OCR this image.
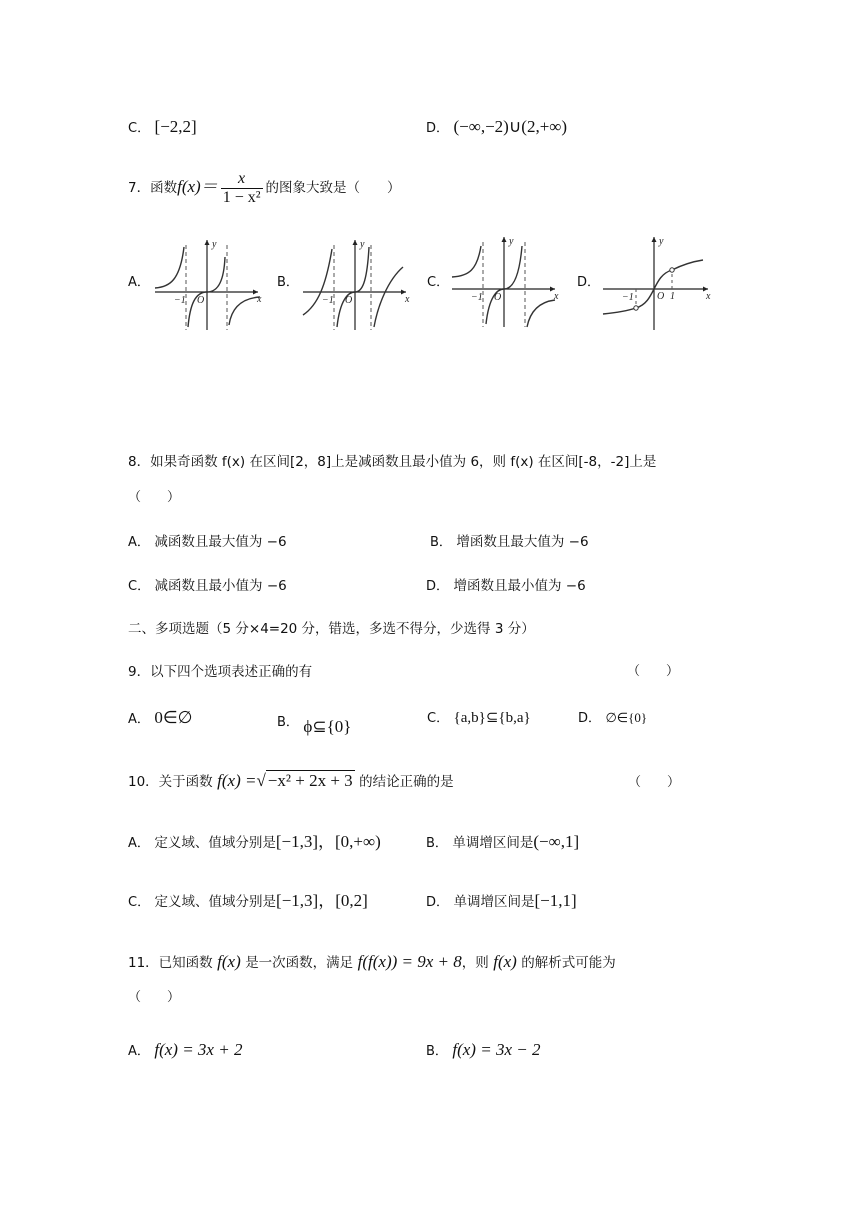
C． [−2,2]	D． (−∞,−2)∪(2,+∞)
7．函数$f(x)= \frac{x}{\text{1 − x²}}$ 的图象大致是（　　）
A．	B．	C．	D．
y
x
−1 O
y
x
−1 O
y
x
−1 O
y
x
−1 O 1
8．如果奇函数 f(x) 在区间[2，8]上是减函数且最小值为 6，则 f(x) 在区间[-8，-2]上是
（　　）
A． 减函数且最大值为 −6	B． 增函数且最大值为 −6
C． 减函数且最小值为 −6	D． 增函数且最小值为 −6
二、多项选题（5 分×4=20 分，错选，多选不得分，少选得 3 分）
9．以下四个选项表述正确的有	（　　）
A． 0∈∅	B． ϕ⊆{0}	C． {a,b}⊆{b,a}	D． ∅∈{0}
10．关于函数 f(x) =√ −x² + 2x + 3 的结论正确的是	（　　）
A． 定义域、值域分别是[−1,3]，[0,+∞)	B． 单调增区间是(−∞,1]
C． 定义域、值域分别是[−1,3]，[0,2]	D． 单调增区间是[−1,1]
11．已知函数 f(x) 是一次函数，满足 f(f(x)) = 9x + 8，则 f(x) 的解析式可能为
（　　）
A． f(x) = 3x + 2	B． f(x) = 3x − 2
